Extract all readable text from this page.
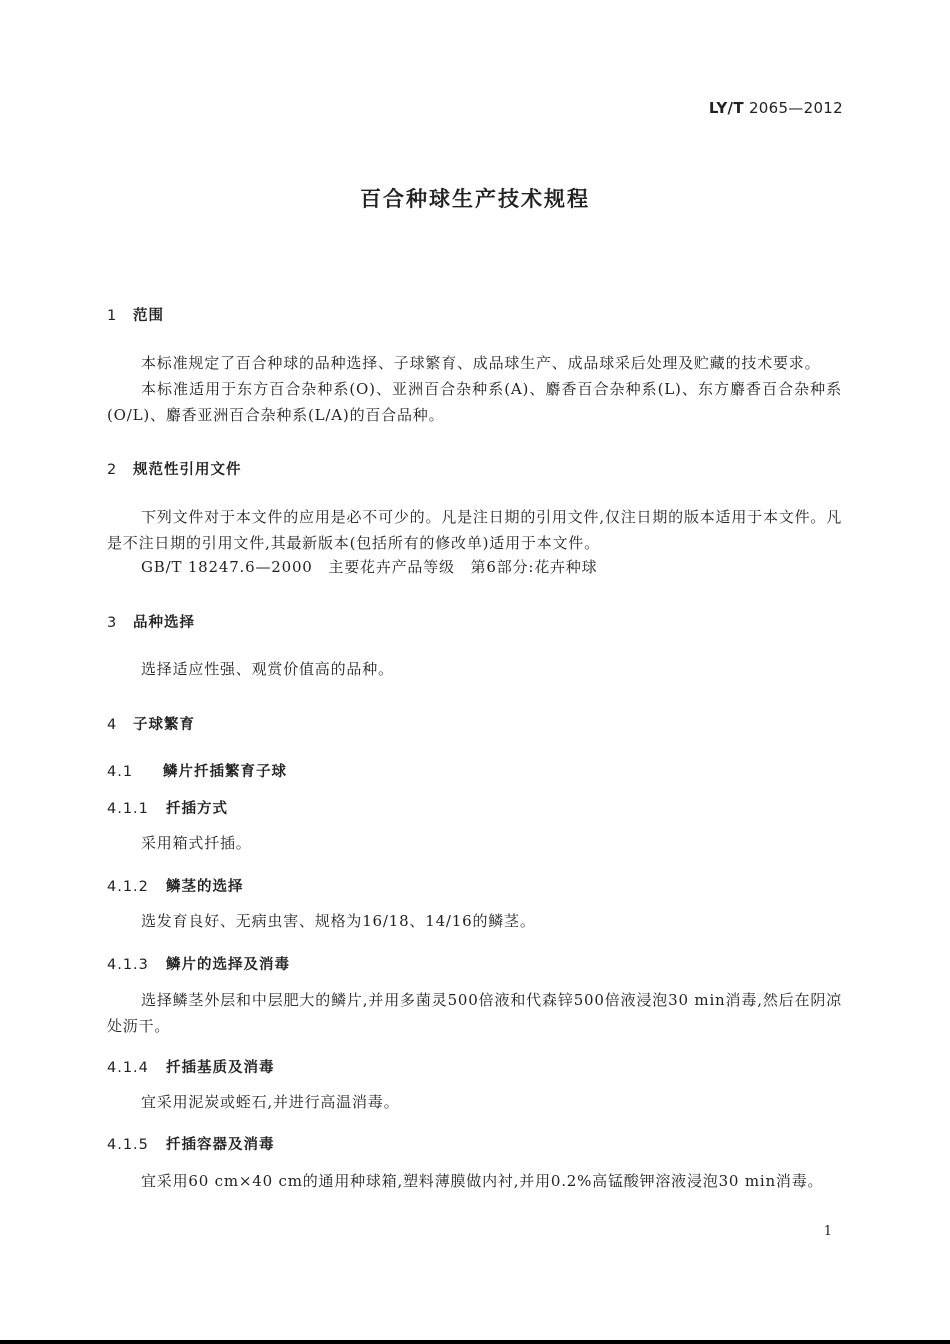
LY/T 2065—2012
百合种球生产技术规程
1 范围
本标准规定了百合种球的品种选择、子球繁育、成品球生产、成品球采后处理及贮藏的技术要求。
本标准适用于东方百合杂种系(O)、亚洲百合杂种系(A)、麝香百合杂种系(L)、东方麝香百合杂种系(O/L)、麝香亚洲百合杂种系(L/A)的百合品种。
2 规范性引用文件
下列文件对于本文件的应用是必不可少的。凡是注日期的引用文件,仅注日期的版本适用于本文件。凡是不注日期的引用文件,其最新版本(包括所有的修改单)适用于本文件。
GB/T 18247.6—2000　主要花卉产品等级　第6部分:花卉种球
3 品种选择
选择适应性强、观赏价值高的品种。
4 子球繁育
4.1 鳞片扦插繁育子球
4.1.1 扦插方式
采用箱式扦插。
4.1.2 鳞茎的选择
选发育良好、无病虫害、规格为16/18、14/16的鳞茎。
4.1.3 鳞片的选择及消毒
选择鳞茎外层和中层肥大的鳞片,并用多菌灵500倍液和代森锌500倍液浸泡30 min消毒,然后在阴凉处沥干。
4.1.4 扦插基质及消毒
宜采用泥炭或蛭石,并进行高温消毒。
4.1.5 扦插容器及消毒
宜采用60 cm×40 cm的通用种球箱,塑料薄膜做内衬,并用0.2%高锰酸钾溶液浸泡30 min消毒。
1
